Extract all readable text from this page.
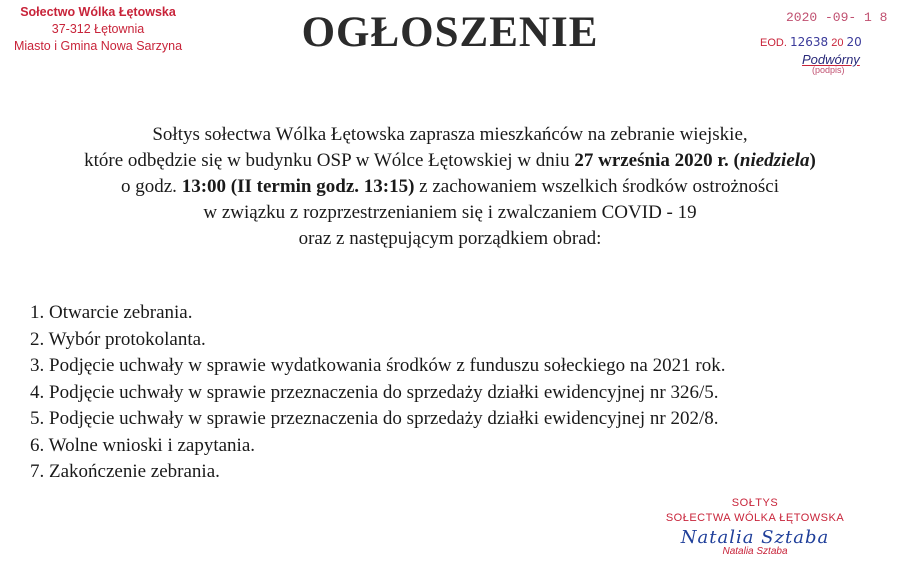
Sołectwo Wólka Łętowska
37-312 Łętownia
Miasto i Gmina Nowa Sarzyna	OGŁOSZENIE	2020 -09- 1 8
EOD. 12638 20 20
Podwórny
(podpis)
Sołtys sołectwa Wólka Łętowska zaprasza mieszkańców na zebranie wiejskie,
które odbędzie się w budynku OSP w Wólce Łętowskiej w dniu 27 września 2020 r. (niedziela)
o godz. 13:00 (II termin godz. 13:15) z zachowaniem wszelkich środków ostrożności
w związku z rozprzestrzenianiem się i zwalczaniem COVID - 19
oraz z następującym porządkiem obrad:
1. Otwarcie zebrania.
2. Wybór protokolanta.
3. Podjęcie uchwały w sprawie wydatkowania środków z funduszu sołeckiego na 2021 rok.
4. Podjęcie uchwały w sprawie przeznaczenia do sprzedaży działki ewidencyjnej nr 326/5.
5. Podjęcie uchwały w sprawie przeznaczenia do sprzedaży działki ewidencyjnej nr 202/8.
6. Wolne wnioski i zapytania.
7. Zakończenie zebrania.
SOŁTYS
SOŁECTWA WÓLKA ŁĘTOWSKA
Natalia Sztaba
Natalia Sztaba
